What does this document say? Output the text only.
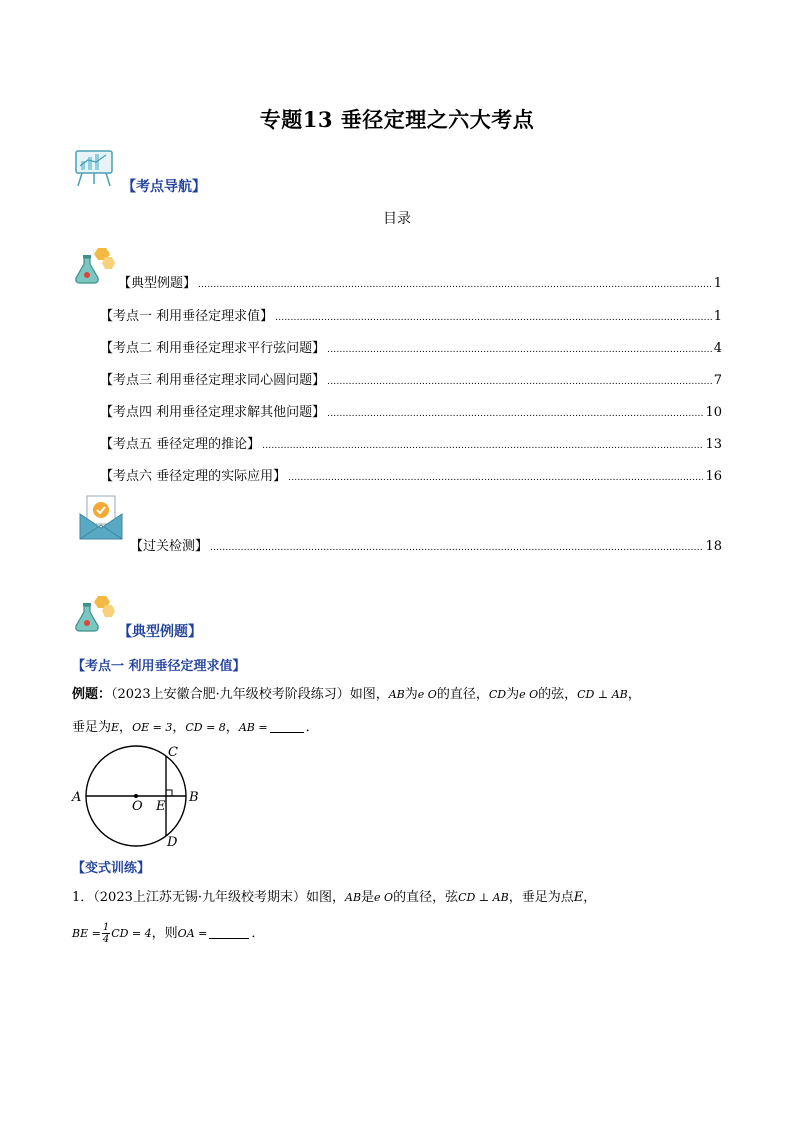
专题13 垂径定理之六大考点
【考点导航】
目录
【典型例题】 .....	1
【考点一 利用垂径定理求值】 .....	1
【考点二 利用垂径定理求平行弦问题】 .....	4
【考点三 利用垂径定理求同心圆问题】 .....	7
【考点四 利用垂径定理求解其他问题】 .....	10
【考点五 垂径定理的推论】 .....	13
【考点六 垂径定理的实际应用】 .....	16
【过关检测】 .....	18
【典型例题】
【考点一 利用垂径定理求值】
例题：（2023上安徽合肥·九年级校考阶段练习）如图，AB为e O的直径，CD为e O的弦，CD ⊥ AB，
垂足为E，OE = 3，CD = 8，AB =	．
A	B
C
D
O E
【变式训练】
1．（2023上江苏无锡·九年级校考期末）如图，AB是e O的直径，弦CD ⊥ AB，垂足为点E，
BE = $\frac{1}{4}$ CD = 4，则OA =	．
